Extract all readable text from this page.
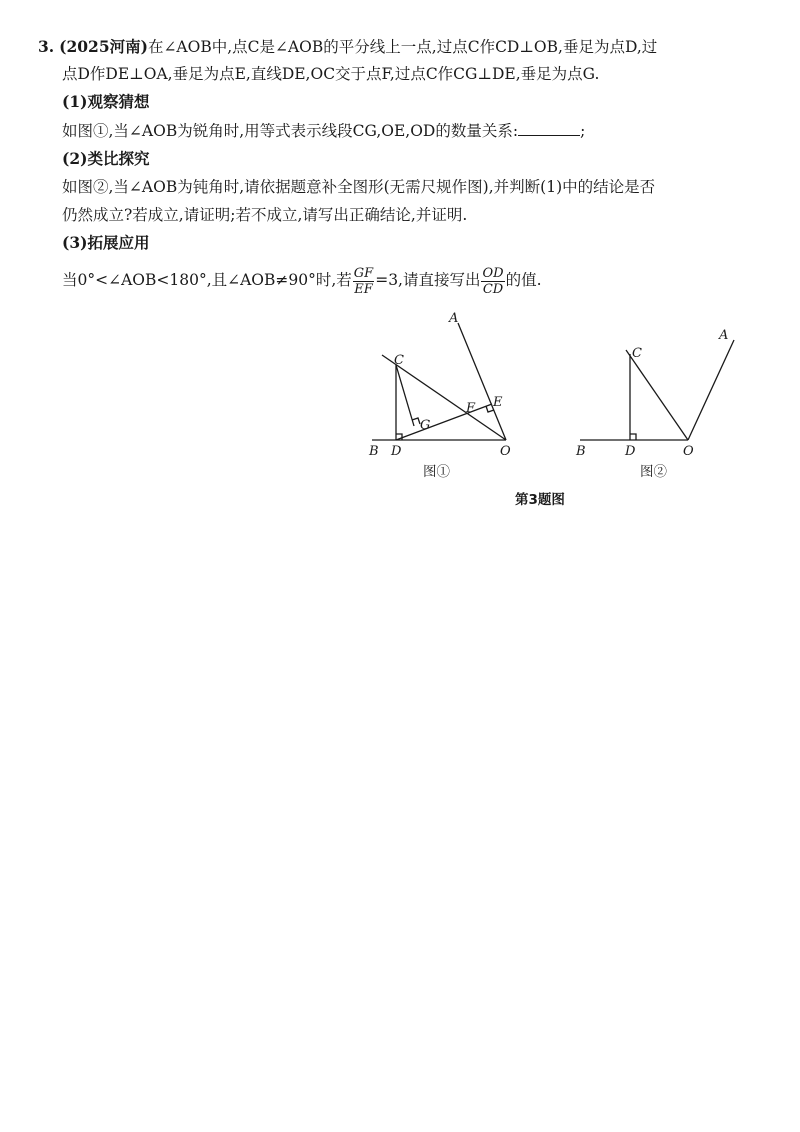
3. (2025河南)在∠AOB中,点C是∠AOB的平分线上一点,过点C作CD⊥OB,垂足为点D,过
点D作DE⊥OA,垂足为点E,直线DE,OC交于点F,过点C作CG⊥DE,垂足为点G.
(1)观察猜想
如图①,当∠AOB为锐角时,用等式表示线段CG,OE,OD的数量关系:	;
(2)类比探究
如图②,当∠AOB为钝角时,请依据题意补全图形(无需尺规作图),并判断(1)中的结论是否
仍然成立?若成立,请证明;若不成立,请写出正确结论,并证明.
(3)拓展应用
当0°<∠AOB<180°,且∠AOB≠90°时,若 $\frac{GF}{EF} =3$,请直接写出 $\frac{OD}{CD}$ 的值.
A
C
E
F
G
B D	O
图①
A
C
B	D	O
图②
第3题图
